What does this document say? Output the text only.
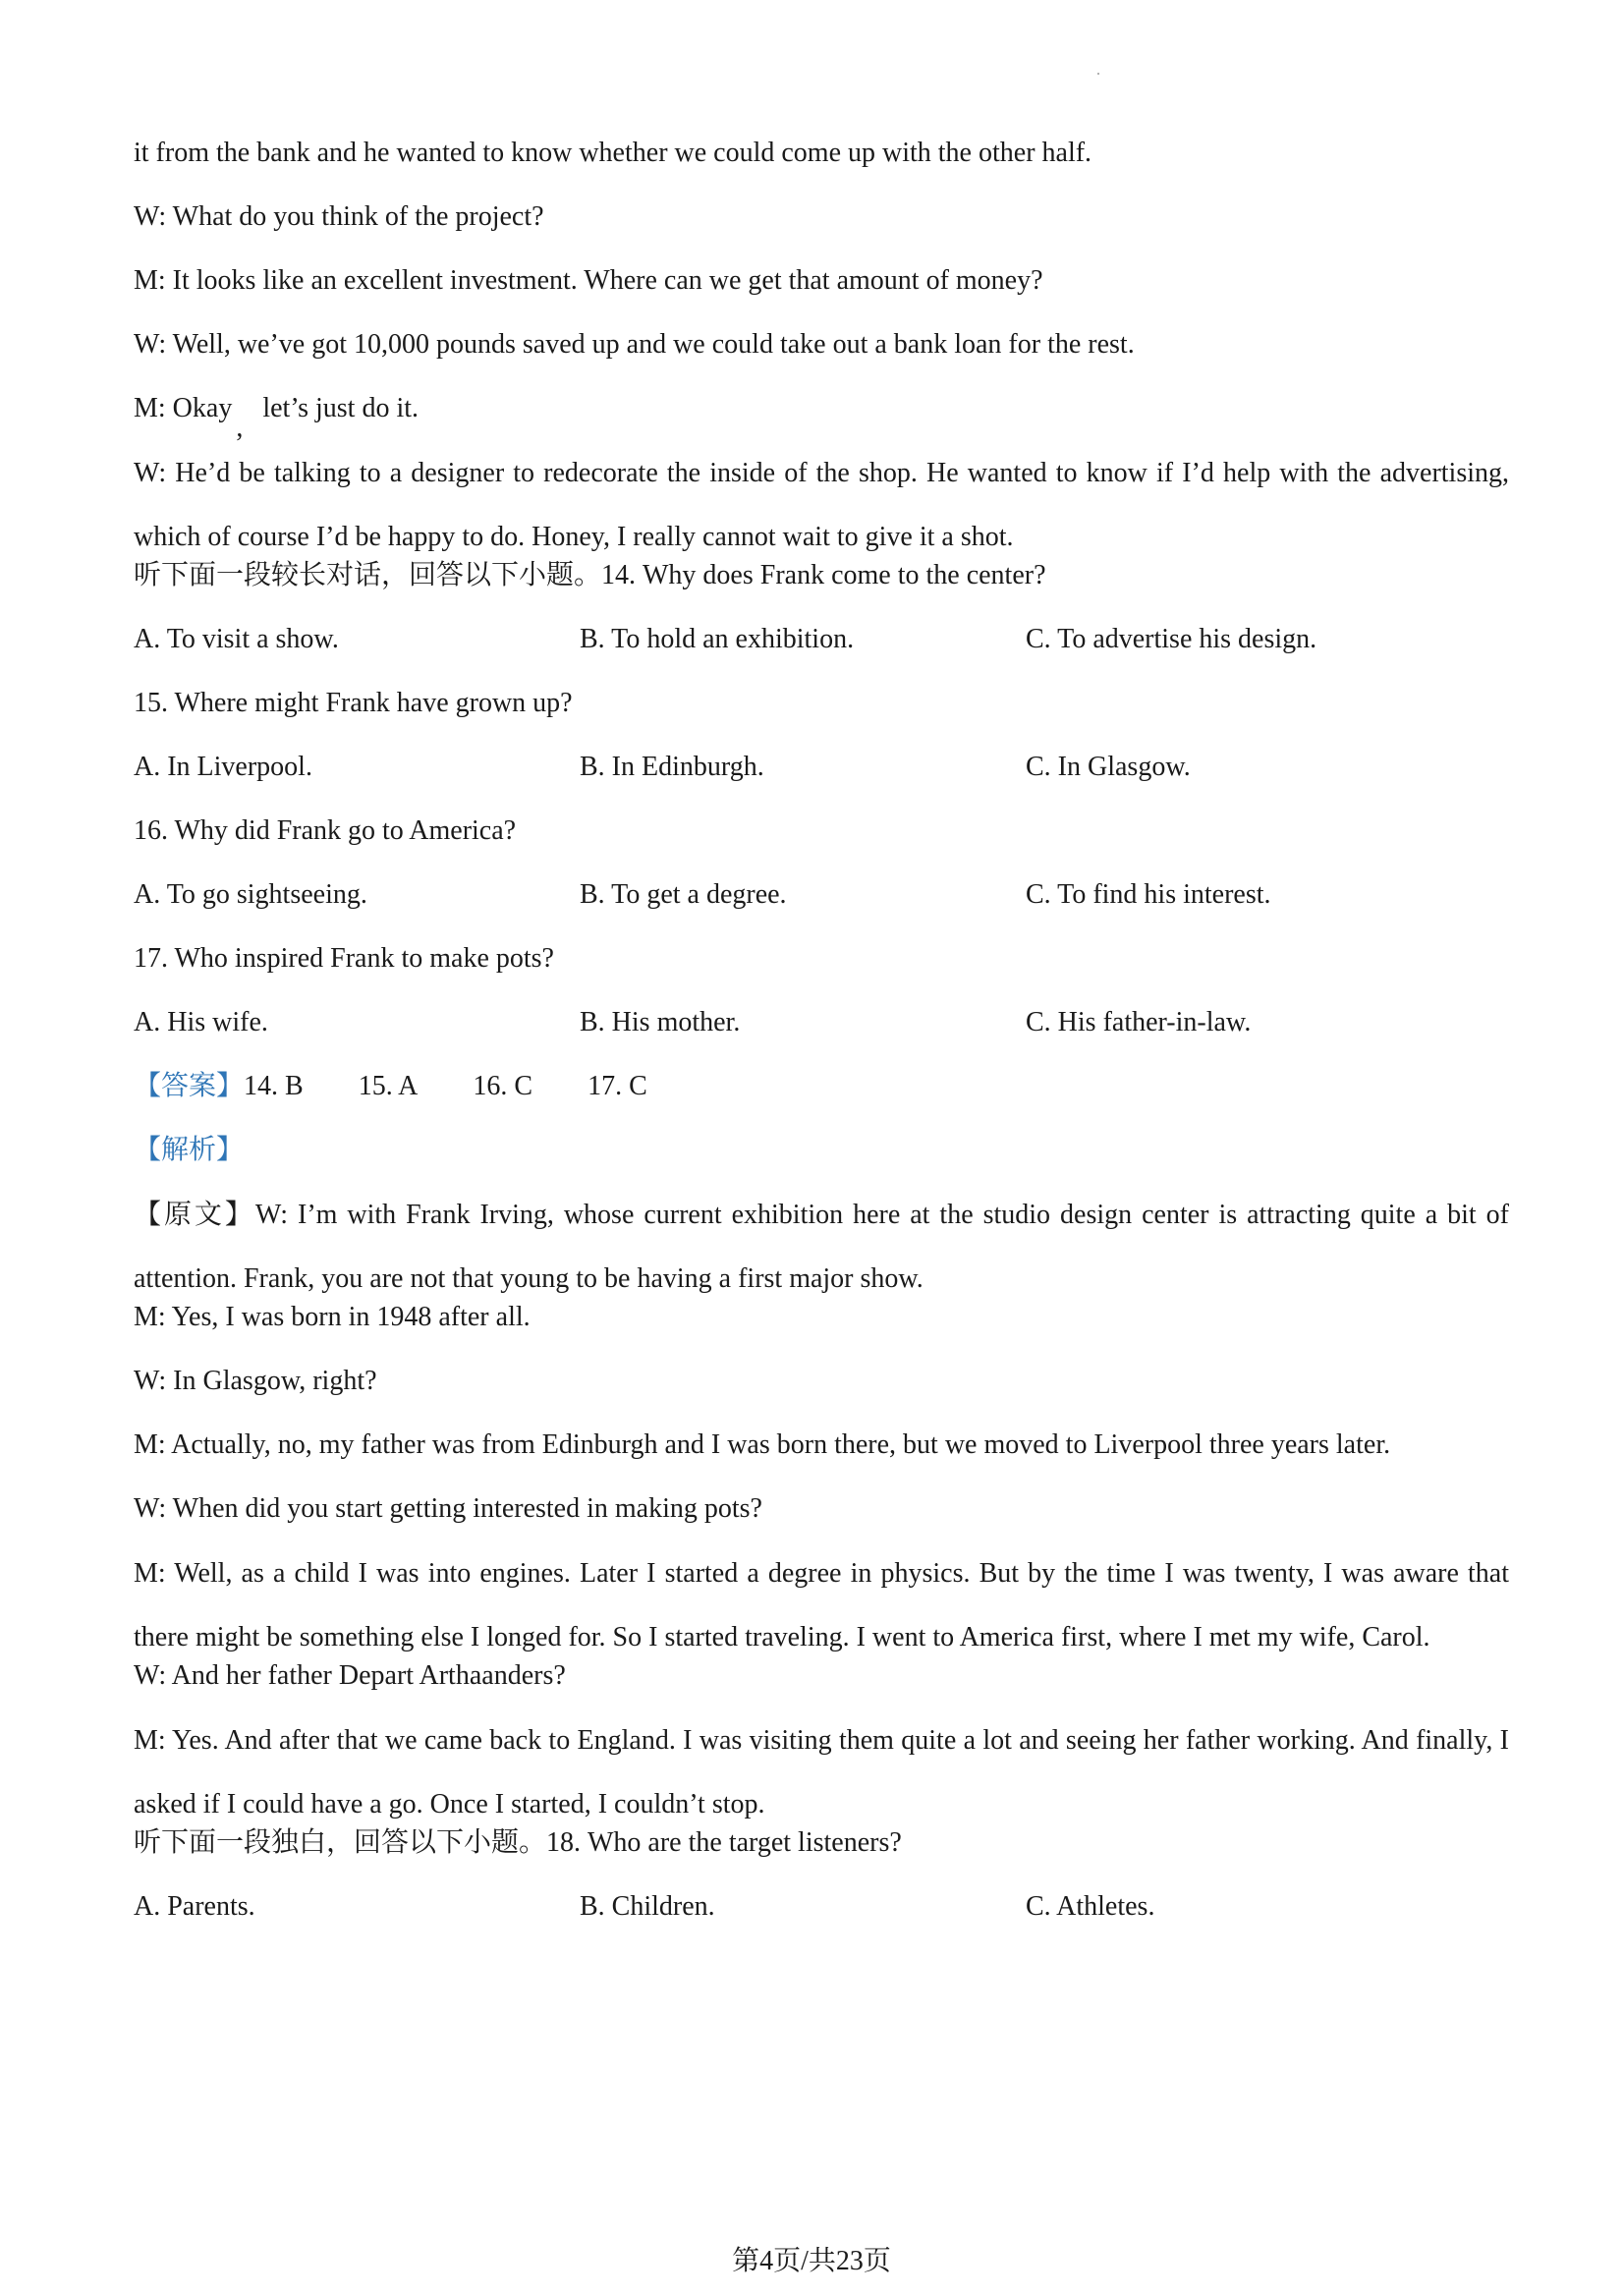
it from the bank and he wanted to know whether we could come up with the other half.
W: What do you think of the project?
M: It looks like an excellent investment. Where can we get that amount of money?
W: Well, we’ve got 10,000 pounds saved up and we could take out a bank loan for the rest.
M: Okay,let’s just do it.
W: He’d be talking to a designer to redecorate the inside of the shop. He wanted to know if I’d help with the advertising, which of course I’d be happy to do. Honey, I really cannot wait to give it a shot.
听下面一段较长对话，回答以下小题。14. Why does Frank come to the center?
A. To visit a show.	B. To hold an exhibition.	C. To advertise his design.
15. Where might Frank have grown up?
A. In Liverpool.	B. In Edinburgh.	C. In Glasgow.
16. Why did Frank go to America?
A. To go sightseeing.	B. To get a degree.	C. To find his interest.
17. Who inspired Frank to make pots?
A. His wife.	B. His mother.	C. His father-in-law.
【答案】14. B 15. A 16. C 17. C
【解析】
【原文】W: I’m with Frank Irving, whose current exhibition here at the studio design center is attracting quite a bit of attention. Frank, you are not that young to be having a first major show.
M: Yes, I was born in 1948 after all.
W: In Glasgow, right?
M: Actually, no, my father was from Edinburgh and I was born there, but we moved to Liverpool three years later.
W: When did you start getting interested in making pots?
M: Well, as a child I was into engines. Later I started a degree in physics. But by the time I was twenty, I was aware that there might be something else I longed for. So I started traveling. I went to America first, where I met my wife, Carol.
W: And her father Depart Arthaanders?
M: Yes. And after that we came back to England. I was visiting them quite a lot and seeing her father working. And finally, I asked if I could have a go. Once I started, I couldn’t stop.
听下面一段独白，回答以下小题。18. Who are the target listeners?
A. Parents.	B. Children.	C. Athletes.
第4页/共23页
